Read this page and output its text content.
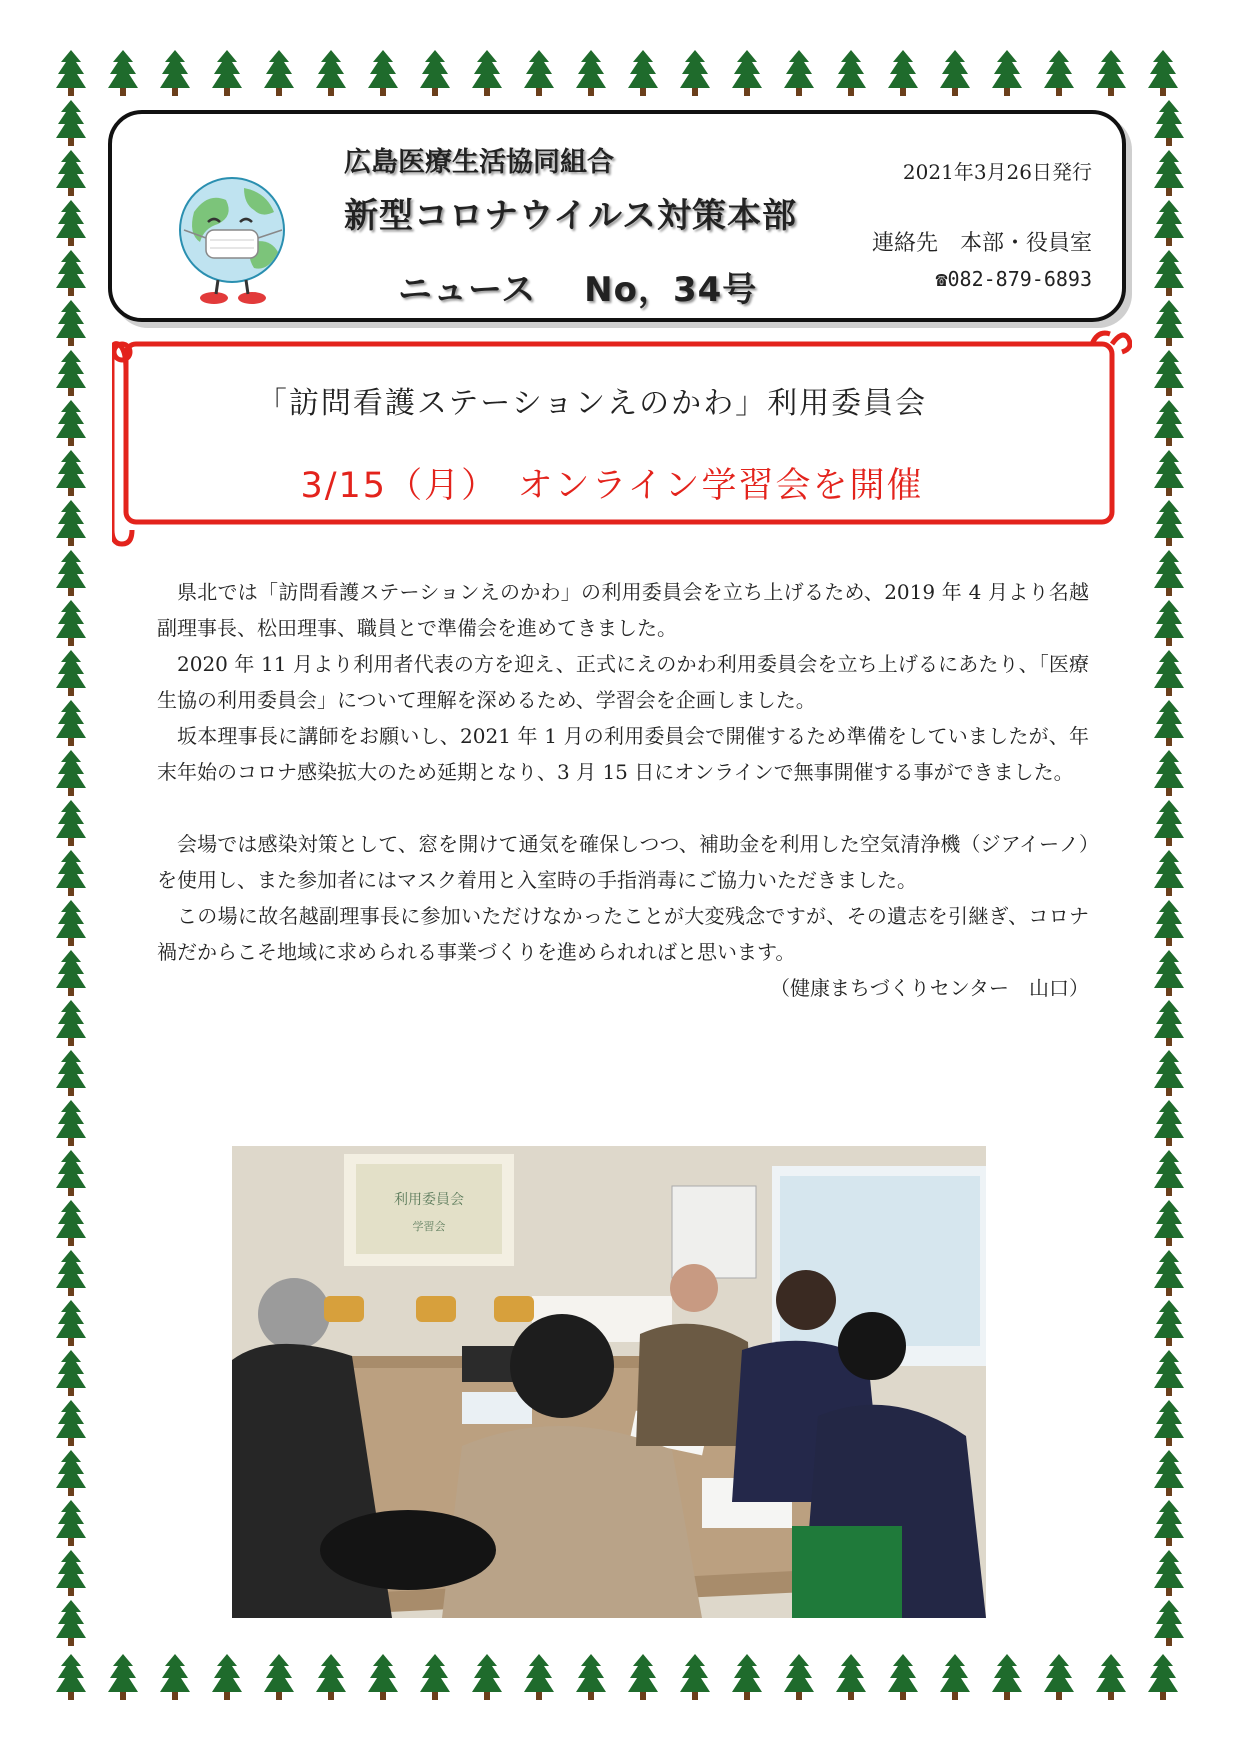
広島医療生活協同組合
新型コロナウイルス対策本部
ニュース　 No，34号
2021年3月26日発行
連絡先　本部・役員室
☎082-879-6893
「訪問看護ステーションえのかわ」利用委員会
3/15（月）　オンライン学習会を開催

県北では「訪問看護ステーションえのかわ」の利用委員会を立ち上げるため、2019 年 4 月より名越副理事長、松田理事、職員とで準備会を進めてきました。

2020 年 11 月より利用者代表の方を迎え、正式にえのかわ利用委員会を立ち上げるにあたり、「医療生協の利用委員会」について理解を深めるため、学習会を企画しました。

坂本理事長に講師をお願いし、2021 年 1 月の利用委員会で開催するため準備をしていましたが、年末年始のコロナ感染拡大のため延期となり、3 月 15 日にオンラインで無事開催する事ができました。

会場では感染対策として、窓を開けて通気を確保しつつ、補助金を利用した空気清浄機（ジアイーノ）を使用し、また参加者にはマスク着用と入室時の手指消毒にご協力いただきました。

この場に故名越副理事長に参加いただけなかったことが大変残念ですが、その遺志を引継ぎ、コロナ禍だからこそ地域に求められる事業づくりを進められればと思います。

（健康まちづくりセンター　山口）

利用委員会
学習会
